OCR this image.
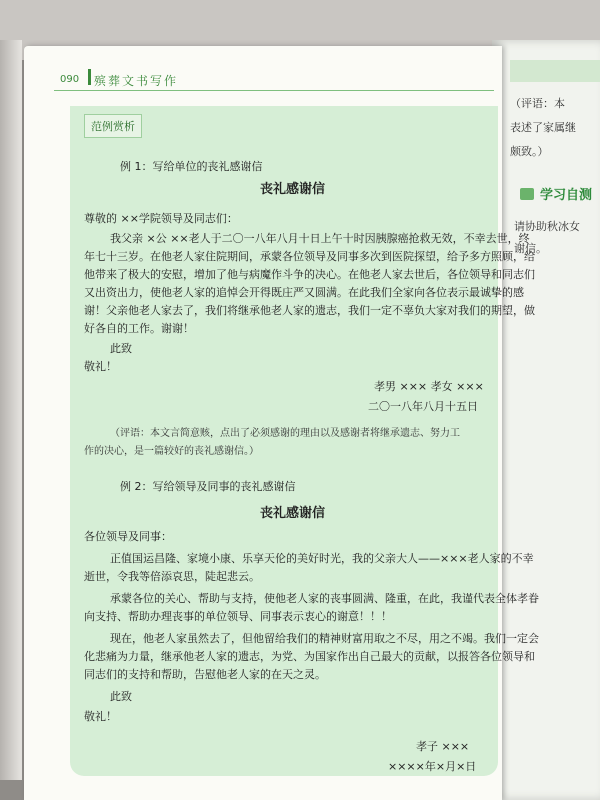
（评语：本
表述了家属继
颇致。）
学习自测
请协助秋冰女
谢信。
090 殡葬文书写作
范例赏析
例 1：写给单位的丧礼感谢信
丧礼感谢信
尊敬的 ××学院领导及同志们：
我父亲 ×公 ××老人于二〇一八年八月十日上午十时因胰腺癌抢救无效，不幸去世，终
年七十三岁。在他老人家住院期间，承蒙各位领导及同事多次到医院探望，给予多方照顾，给
他带来了极大的安慰，增加了他与病魔作斗争的决心。在他老人家去世后，各位领导和同志们
又出资出力，使他老人家的追悼会开得既庄严又圆满。在此我们全家向各位表示最诚挚的感
谢！父亲他老人家去了，我们将继承他老人家的遗志，我们一定不辜负大家对我们的期望，做
好各自的工作。谢谢！
此致
敬礼！
孝男 ××× 孝女 ×××
二〇一八年八月十五日
（评语：本文言简意赅，点出了必须感谢的理由以及感谢者将继承遗志、努力工
作的决心，是一篇较好的丧礼感谢信。）
例 2：写给领导及同事的丧礼感谢信
丧礼感谢信
各位领导及同事：
正值国运昌隆、家境小康、乐享天伦的美好时光，我的父亲大人——×××老人家的不幸
逝世，令我等倍添哀思，陡起悲云。
承蒙各位的关心、帮助与支持，使他老人家的丧事圆满、隆重，在此，我谨代表全体孝眷
向支持、帮助办理丧事的单位领导、同事表示衷心的谢意！！！
现在，他老人家虽然去了，但他留给我们的精神财富用取之不尽，用之不竭。我们一定会
化悲痛为力量，继承他老人家的遗志，为党、为国家作出自己最大的贡献，以报答各位领导和
同志们的支持和帮助，告慰他老人家的在天之灵。
此致
敬礼！
孝子 ×××
××××年×月×日
